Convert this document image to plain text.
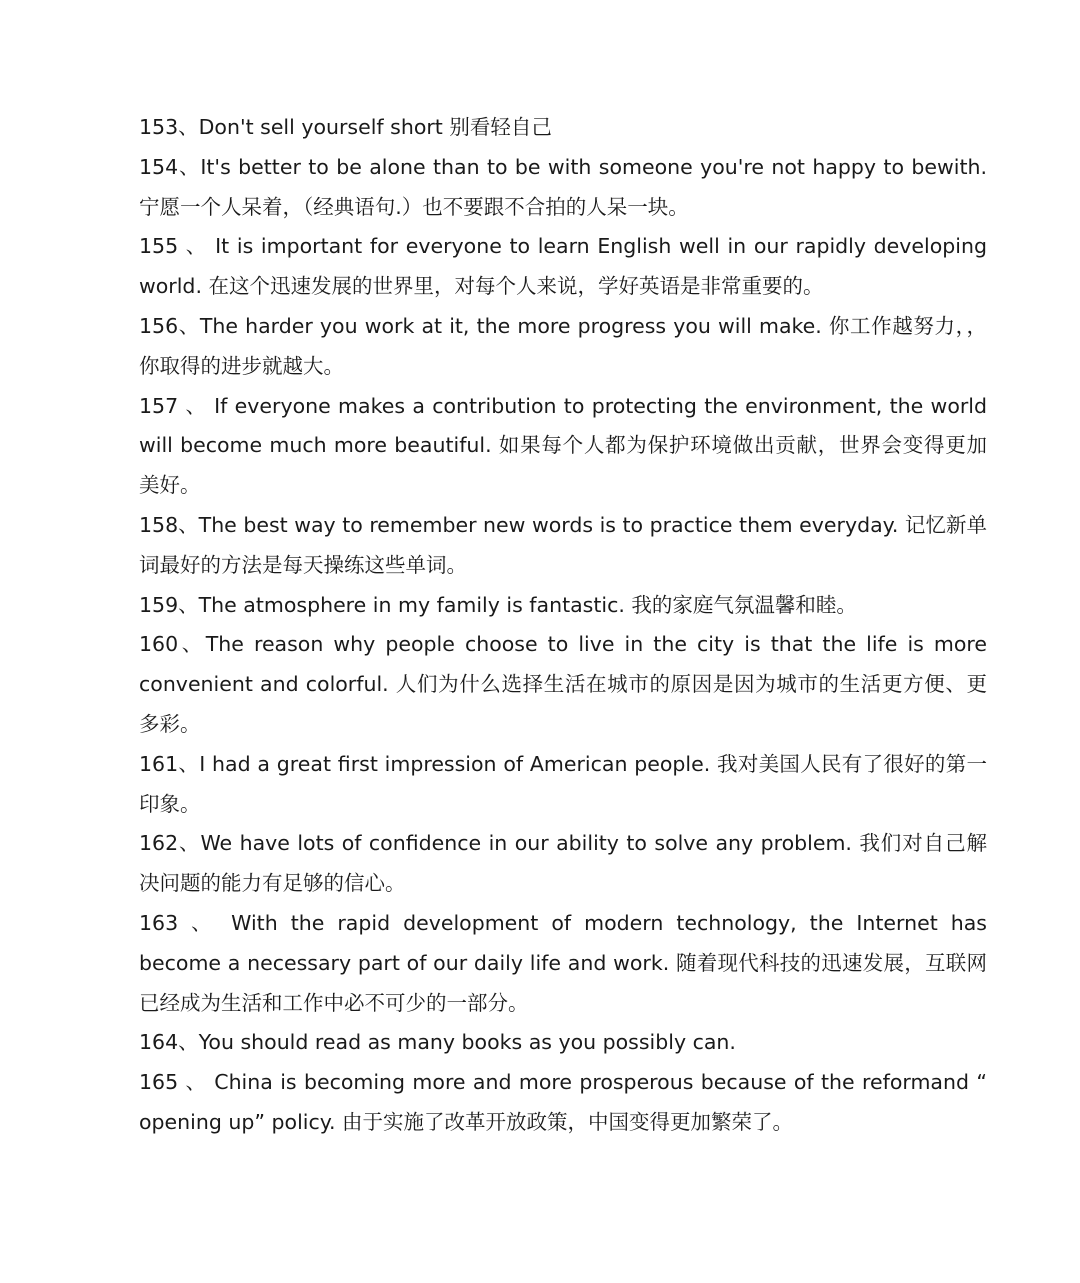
153、Don't sell yourself short 别看轻自己

154、It's better to be alone than to be with someone you're not happy to bewith. 宁愿一个人呆着，（经典语句.）也不要跟不合拍的人呆一块。

155 、 It is important for everyone to learn English well in our rapidly developing world. 在这个迅速发展的世界里，对每个人来说，学好英语是非常重要的。

156、The harder you work at it, the more progress you will make. 你工作越努力，，你取得的进步就越大。

157 、 If everyone makes a contribution to protecting the environment, the world will become much more beautiful. 如果每个人都为保护环境做出贡献，世界会变得更加美好。

158、The best way to remember new words is to practice them everyday. 记忆新单词最好的方法是每天操练这些单词。

159、The atmosphere in my family is fantastic. 我的家庭气氛温馨和睦。

160、The reason why people choose to live in the city is that the life is more convenient and colorful. 人们为什么选择生活在城市的原因是因为城市的生活更方便、更多彩。

161、I had a great first impression of American people. 我对美国人民有了很好的第一印象。

162、We have lots of confidence in our ability to solve any problem. 我们对自己解决问题的能力有足够的信心。

163 、 With the rapid development of modern technology, the Internet has become a necessary part of our daily life and work. 随着现代科技的迅速发展，互联网已经成为生活和工作中必不可少的一部分。

164、You should read as many books as you possibly can.

165 、 China is becoming more and more prosperous because of the reformand “ opening up” policy. 由于实施了改革开放政策，中国变得更加繁荣了。
